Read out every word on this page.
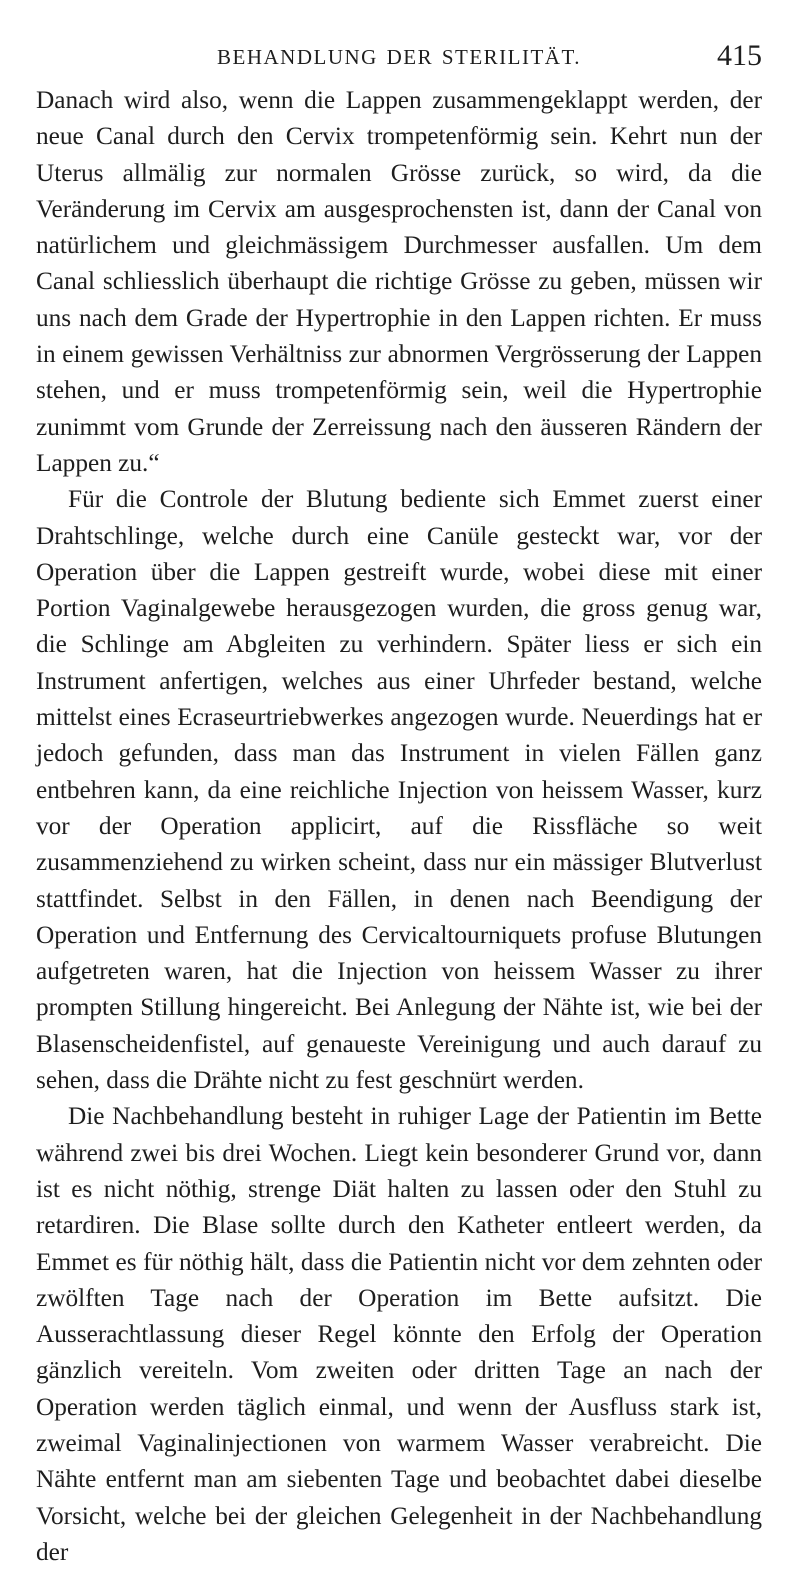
BEHANDLUNG DER STERILITÄT.	415

Danach wird also, wenn die Lappen zusammengeklappt werden, der neue Canal durch den Cervix trompetenförmig sein. Kehrt nun der Uterus allmälig zur normalen Grösse zurück, so wird, da die Veränderung im Cervix am ausgesprochensten ist, dann der Canal von natürlichem und gleichmässigem Durchmesser ausfallen. Um dem Canal schliesslich überhaupt die richtige Grösse zu geben, müssen wir uns nach dem Grade der Hypertrophie in den Lappen richten. Er muss in einem gewissen Verhältniss zur abnormen Vergrösserung der Lappen stehen, und er muss trompetenförmig sein, weil die Hypertrophie zunimmt vom Grunde der Zerreissung nach den äusseren Rändern der Lappen zu.“

Für die Controle der Blutung bediente sich Emmet zuerst einer Drahtschlinge, welche durch eine Canüle gesteckt war, vor der Operation über die Lappen gestreift wurde, wobei diese mit einer Portion Vaginalgewebe herausgezogen wurden, die gross genug war, die Schlinge am Abgleiten zu verhindern. Später liess er sich ein Instrument anfertigen, welches aus einer Uhrfeder bestand, welche mittelst eines Ecraseurtriebwerkes angezogen wurde. Neuerdings hat er jedoch gefunden, dass man das Instrument in vielen Fällen ganz entbehren kann, da eine reichliche Injection von heissem Wasser, kurz vor der Operation applicirt, auf die Rissfläche so weit zusammenziehend zu wirken scheint, dass nur ein mässiger Blutverlust stattfindet. Selbst in den Fällen, in denen nach Beendigung der Operation und Entfernung des Cervicaltourniquets profuse Blutungen aufgetreten waren, hat die Injection von heissem Wasser zu ihrer prompten Stillung hingereicht. Bei Anlegung der Nähte ist, wie bei der Blasenscheidenfistel, auf genaueste Vereinigung und auch darauf zu sehen, dass die Drähte nicht zu fest geschnürt werden.

Die Nachbehandlung besteht in ruhiger Lage der Patientin im Bette während zwei bis drei Wochen. Liegt kein besonderer Grund vor, dann ist es nicht nöthig, strenge Diät halten zu lassen oder den Stuhl zu retardiren. Die Blase sollte durch den Katheter entleert werden, da Emmet es für nöthig hält, dass die Patientin nicht vor dem zehnten oder zwölften Tage nach der Operation im Bette aufsitzt. Die Ausserachtlassung dieser Regel könnte den Erfolg der Operation gänzlich vereiteln. Vom zweiten oder dritten Tage an nach der Operation werden täglich einmal, und wenn der Ausfluss stark ist, zweimal Vaginalinjectionen von warmem Wasser verabreicht. Die Nähte entfernt man am siebenten Tage und beobachtet dabei dieselbe Vorsicht, welche bei der gleichen Gelegenheit in der Nachbehandlung der
